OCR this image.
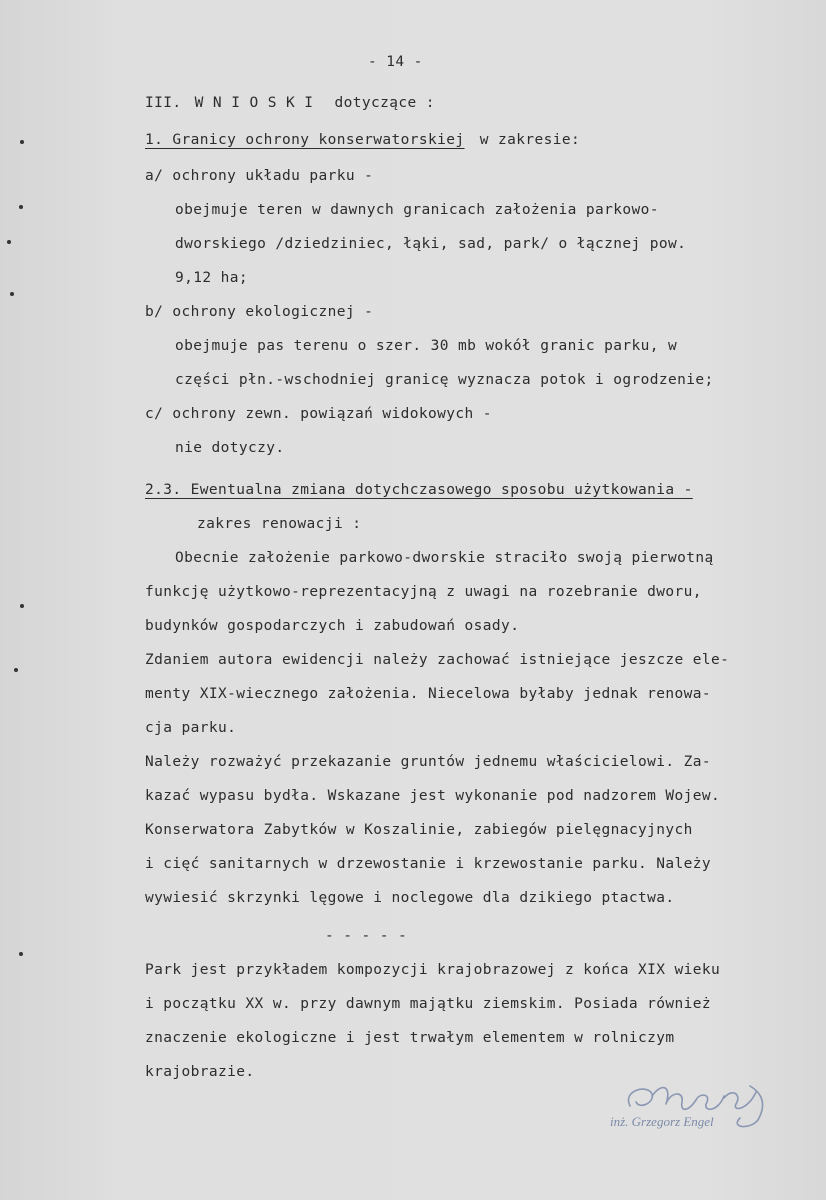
- 14 -
III. W N I O S K I dotyczące :
1. Granicy ochrony konserwatorskiej w zakresie:
a/ ochrony układu parku -
obejmuje teren w dawnych granicach założenia parkowo-
dworskiego /dziedziniec, łąki, sad, park/ o łącznej pow.
9,12 ha;
b/ ochrony ekologicznej -
obejmuje pas terenu o szer. 30 mb wokół granic parku, w
części płn.-wschodniej granicę wyznacza potok i ogrodzenie;
c/ ochrony zewn. powiązań widokowych -
nie dotyczy.
2.3. Ewentualna zmiana dotychczasowego sposobu użytkowania -
zakres renowacji :
Obecnie założenie parkowo-dworskie straciło swoją pierwotną
funkcję użytkowo-reprezentacyjną z uwagi na rozebranie dworu,
budynków gospodarczych i zabudowań osady.
Zdaniem autora ewidencji należy zachować istniejące jeszcze ele-
menty XIX-wiecznego założenia. Niecelowa byłaby jednak renowa-
cja parku.
Należy rozważyć przekazanie gruntów jednemu właścicielowi. Za-
kazać wypasu bydła. Wskazane jest wykonanie pod nadzorem Wojew.
Konserwatora Zabytków w Koszalinie, zabiegów pielęgnacyjnych
i cięć sanitarnych w drzewostanie i krzewostanie parku. Należy
wywiesić skrzynki lęgowe i noclegowe dla dzikiego ptactwa.
- - - - -
Park jest przykładem kompozycji krajobrazowej z końca XIX wieku
i początku XX w. przy dawnym majątku ziemskim. Posiada również
znaczenie ekologiczne i jest trwałym elementem w rolniczym
krajobrazie.
inż. Grzegorz Engel
